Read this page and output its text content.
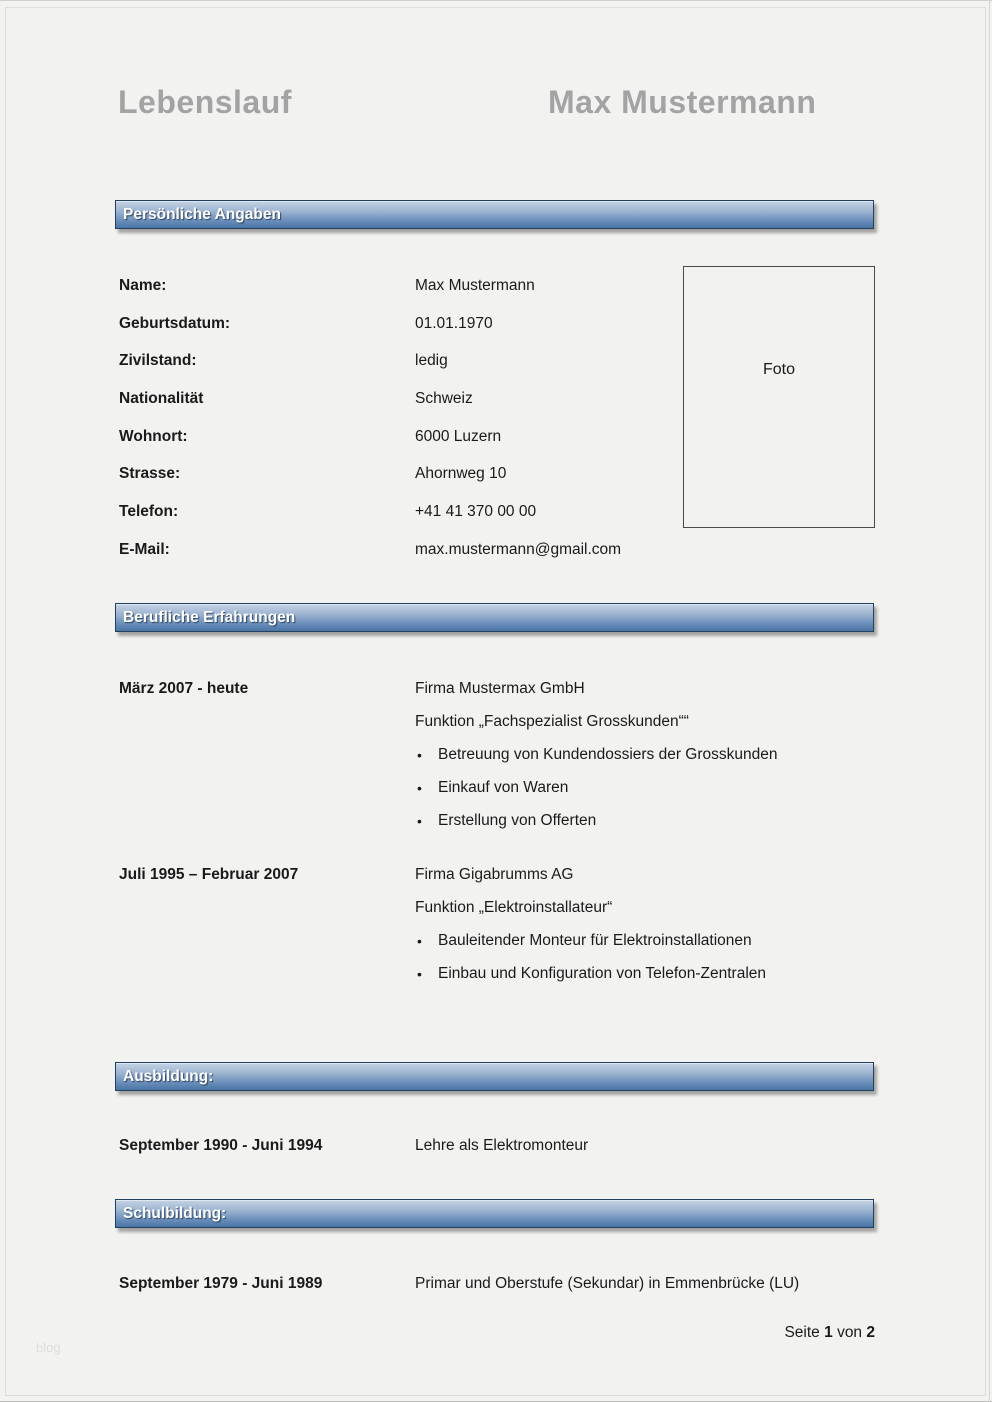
Lebenslauf	Max Mustermann
Persönliche Angaben
Name:	Max Mustermann
Geburtsdatum:	01.01.1970
Zivilstand:	ledig
Nationalität	Schweiz
Wohnort:	6000 Luzern
Strasse:	Ahornweg 10
Telefon:	+41 41 370 00 00
E-Mail:	max.mustermann@gmail.com
Foto
Berufliche Erfahrungen
März 2007 - heute	Firma Mustermax GmbH
Funktion „Fachspezialist Grosskunden““
•	Betreuung von Kundendossiers der Grosskunden
•	Einkauf von Waren
•	Erstellung von Offerten
Juli 1995 – Februar 2007	Firma Gigabrumms AG
Funktion „Elektroinstallateur“
•	Bauleitender Monteur für Elektroinstallationen
•	Einbau und Konfiguration von Telefon-Zentralen
Ausbildung:
September 1990 - Juni 1994	Lehre als Elektromonteur
Schulbildung:
September 1979 - Juni 1989	Primar und Oberstufe (Sekundar) in Emmenbrücke (LU)
Seite 1 von 2
blog
